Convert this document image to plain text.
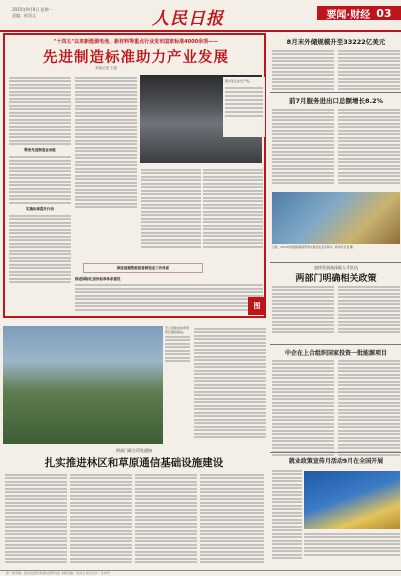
2025年9月8日 星期一
责编：彭训文	人民日报	要闻·财经 03
"十四五"以来新能源电池、新材料等重点行业发布国家标准4000余项——
先进制造标准助力产业发展
本报记者 王政
释放先进制造业动能
实施标准提升行动
图为某企业生产线。
推进高端智能装备制造业工作体系
推进国际化加快标准体系建设
图
8月末外储规模升至33222亿美元
前7月服务进出口总额增长8.2%
日前，2025中国国际服务贸易交易会在北京举办。新华社记者 摄
加快发展高技能人才队伍
两部门明确相关政策
中企在上合组织国家投资一批能源项目
就业政策宣传月活动9月在全国开展
无人机航拍的草原牧区通信基站。
两部门联合印发通知
扎实推进林区和草原通信基础设施建设
第一版责编：国家发展改革委政策研究室 本版责编：彭训文 版式设计：沈亦伶
